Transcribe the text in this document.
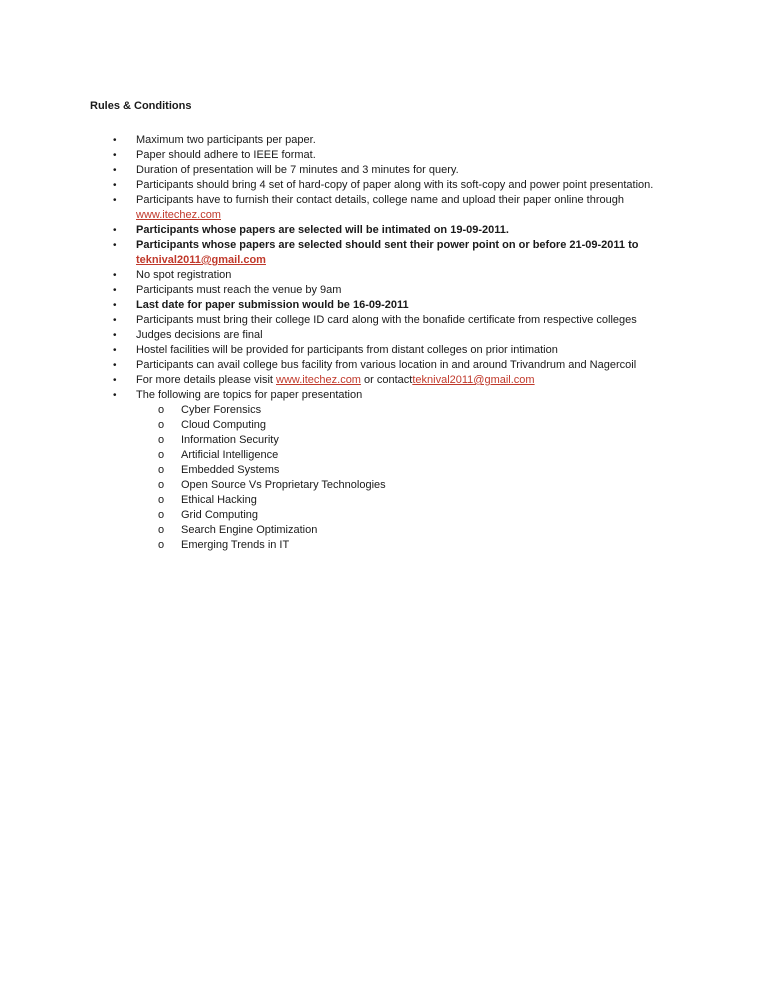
Rules & Conditions
• Maximum two participants per paper.
• Paper should adhere to IEEE format.
• Duration of presentation will be 7 minutes and 3 minutes for query.
• Participants should bring 4 set of hard-copy of paper along with its soft-copy and power point presentation.
• Participants have to furnish their contact details, college name and upload their paper online through www.itechez.com
• Participants whose papers are selected will be intimated on 19-09-2011.
• Participants whose papers are selected should sent their power point on or before 21-09-2011 to teknival2011@gmail.com
• No spot registration
• Participants must reach the venue by 9am
• Last date for paper submission would be 16-09-2011
• Participants must bring their college ID card along with the bonafide certificate from respective colleges
• Judges decisions are final
• Hostel facilities will be provided for participants from distant colleges on prior intimation
• Participants can avail college bus facility from various location in and around Trivandrum and Nagercoil
• For more details please visit www.itechez.com or contactteknival2011@gmail.com
• The following are topics for paper presentation
o Cyber Forensics
o Cloud Computing
o Information Security
o Artificial Intelligence
o Embedded Systems
o Open Source Vs Proprietary Technologies
o Ethical Hacking
o Grid Computing
o Search Engine Optimization
o Emerging Trends in IT
